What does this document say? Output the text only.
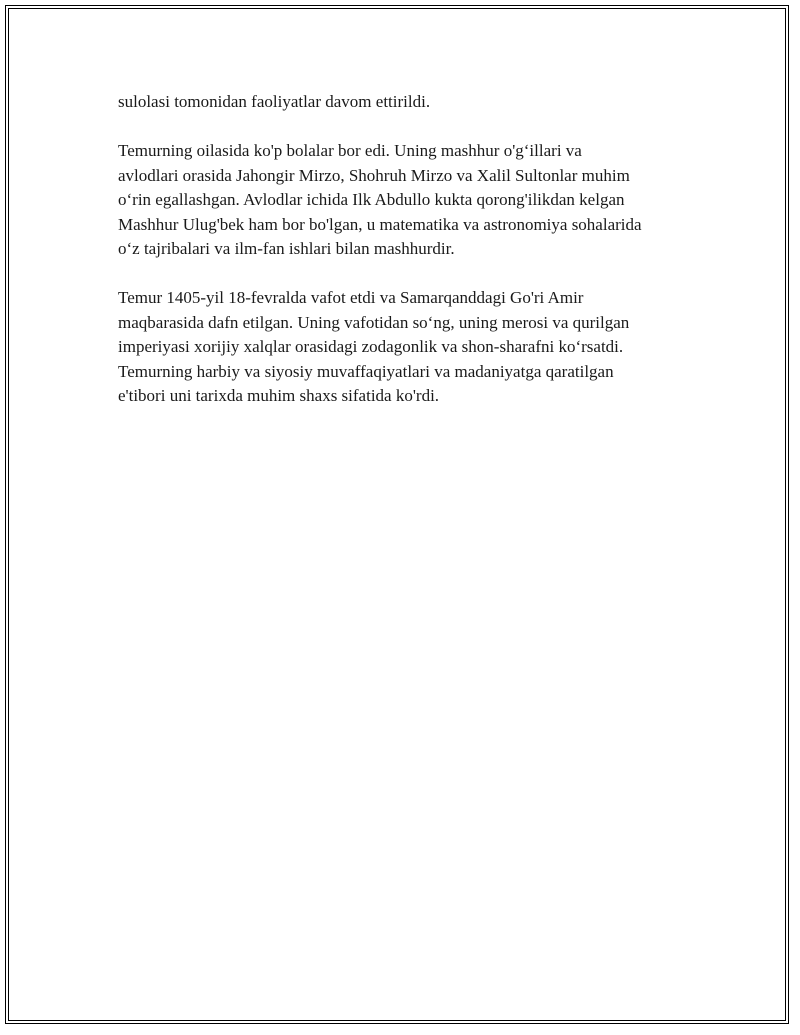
sulolasi tomonidan faoliyatlar davom ettirildi.

Temurning oilasida ko'p bolalar bor edi. Uning mashhur o'g‘illari va
avlodlari orasida Jahongir Mirzo, Shohruh Mirzo va Xalil Sultonlar muhim
o‘rin egallashgan. Avlodlar ichida Ilk Abdullo kukta qorong'ilikdan kelgan
Mashhur Ulug'bek ham bor bo'lgan, u matematika va astronomiya sohalarida
o‘z tajribalari va ilm-fan ishlari bilan mashhurdir.

Temur 1405-yil 18-fevralda vafot etdi va Samarqanddagi Go'ri Amir
maqbarasida dafn etilgan. Uning vafotidan so‘ng, uning merosi va qurilgan
imperiyasi xorijiy xalqlar orasidagi zodagonlik va shon-sharafni ko‘rsatdi.
Temurning harbiy va siyosiy muvaffaqiyatlari va madaniyatga qaratilgan
e'tibori uni tarixda muhim shaxs sifatida ko'rdi.
